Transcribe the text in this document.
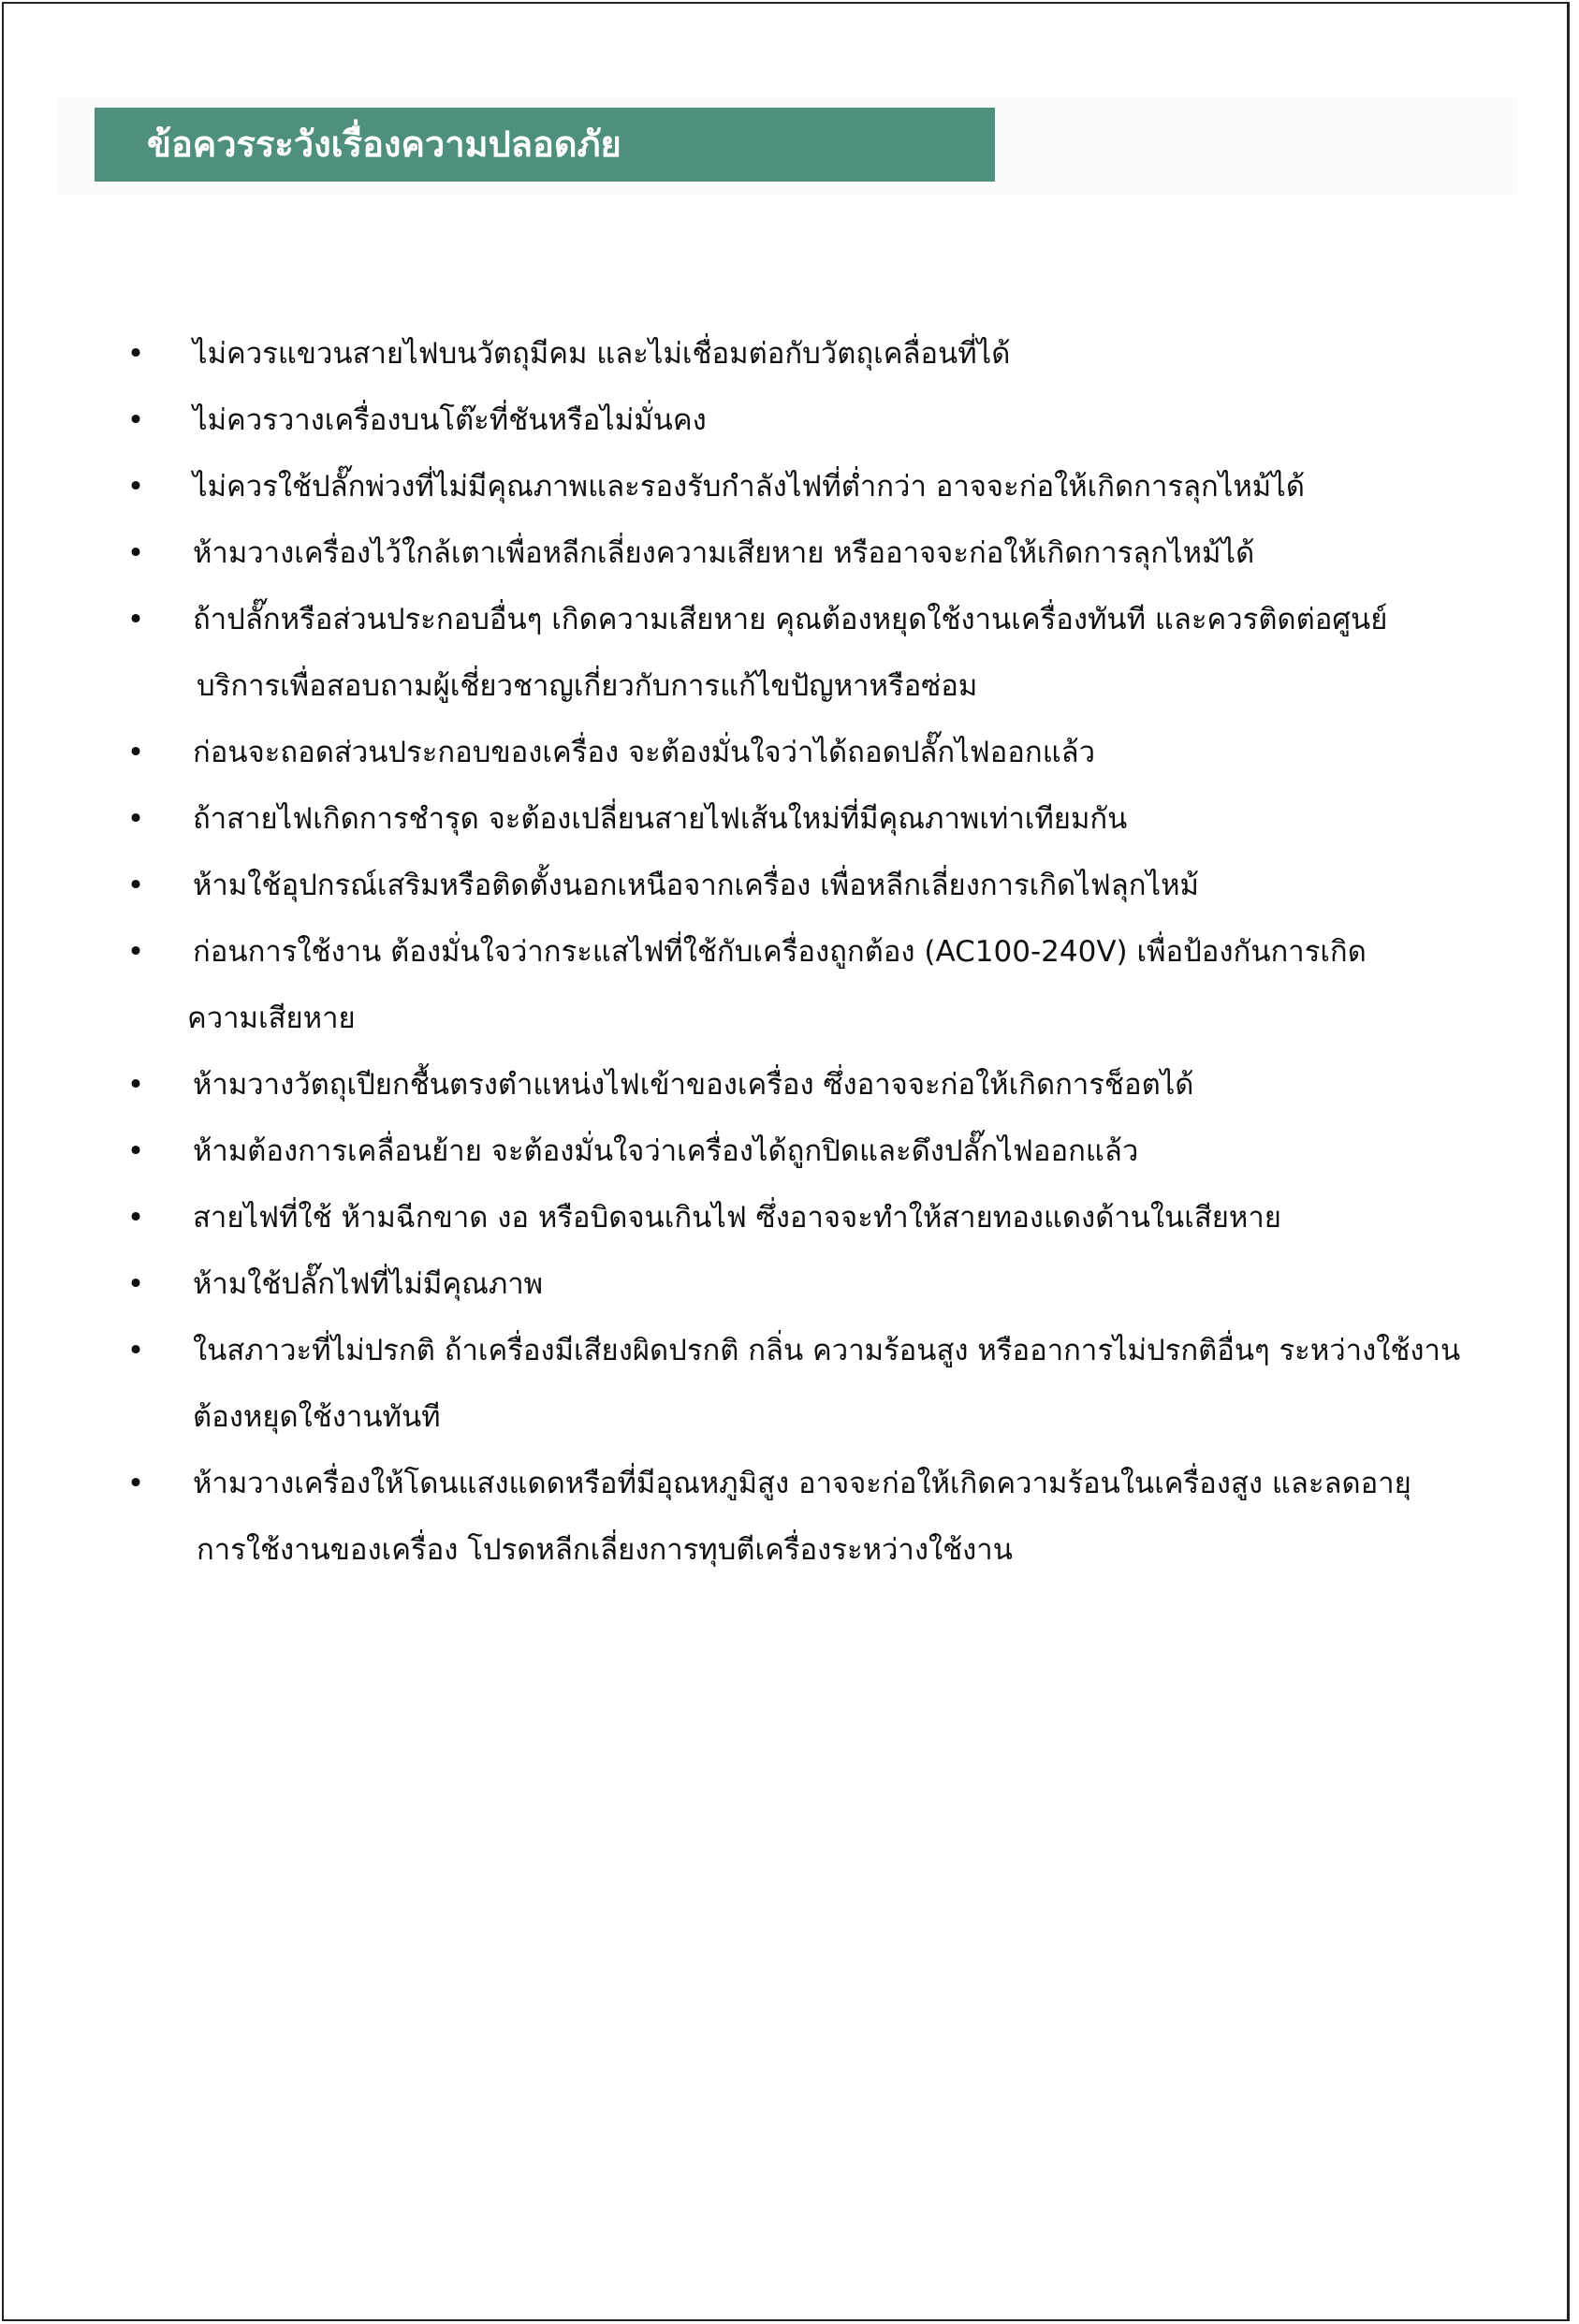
ข้อควรระวังเรื่องความปลอดภัย
• ไม่ควรแขวนสายไฟบนวัตถุมีคม และไม่เชื่อมต่อกับวัตถุเคลื่อนที่ได้
• ไม่ควรวางเครื่องบนโต๊ะที่ชันหรือไม่มั่นคง
• ไม่ควรใช้ปลั๊กพ่วงที่ไม่มีคุณภาพและรองรับกำลังไฟที่ต่ำกว่า อาจจะก่อให้เกิดการลุกไหม้ได้
• ห้ามวางเครื่องไว้ใกล้เตาเพื่อหลีกเลี่ยงความเสียหาย หรืออาจจะก่อให้เกิดการลุกไหม้ได้
• ถ้าปลั๊กหรือส่วนประกอบอื่นๆ เกิดความเสียหาย คุณต้องหยุดใช้งานเครื่องทันที และควรติดต่อศูนย์
บริการเพื่อสอบถามผู้เชี่ยวชาญเกี่ยวกับการแก้ไขปัญหาหรือซ่อม
• ก่อนจะถอดส่วนประกอบของเครื่อง จะต้องมั่นใจว่าได้ถอดปลั๊กไฟออกแล้ว
• ถ้าสายไฟเกิดการชำรุด จะต้องเปลี่ยนสายไฟเส้นใหม่ที่มีคุณภาพเท่าเทียมกัน
• ห้ามใช้อุปกรณ์เสริมหรือติดตั้งนอกเหนือจากเครื่อง เพื่อหลีกเลี่ยงการเกิดไฟลุกไหม้
• ก่อนการใช้งาน ต้องมั่นใจว่ากระแสไฟที่ใช้กับเครื่องถูกต้อง (AC100-240V) เพื่อป้องกันการเกิด
ความเสียหาย
• ห้ามวางวัตถุเปียกชื้นตรงตำแหน่งไฟเข้าของเครื่อง ซึ่งอาจจะก่อให้เกิดการช็อตได้
• ห้ามต้องการเคลื่อนย้าย จะต้องมั่นใจว่าเครื่องได้ถูกปิดและดึงปลั๊กไฟออกแล้ว
• สายไฟที่ใช้ ห้ามฉีกขาด งอ หรือบิดจนเกินไฟ ซึ่งอาจจะทำให้สายทองแดงด้านในเสียหาย
• ห้ามใช้ปลั๊กไฟที่ไม่มีคุณภาพ
• ในสภาวะที่ไม่ปรกติ ถ้าเครื่องมีเสียงผิดปรกติ กลิ่น ความร้อนสูง หรืออาการไม่ปรกติอื่นๆ ระหว่างใช้งาน
ต้องหยุดใช้งานทันที
• ห้ามวางเครื่องให้โดนแสงแดดหรือที่มีอุณหภูมิสูง อาจจะก่อให้เกิดความร้อนในเครื่องสูง และลดอายุ
การใช้งานของเครื่อง โปรดหลีกเลี่ยงการทุบตีเครื่องระหว่างใช้งาน
